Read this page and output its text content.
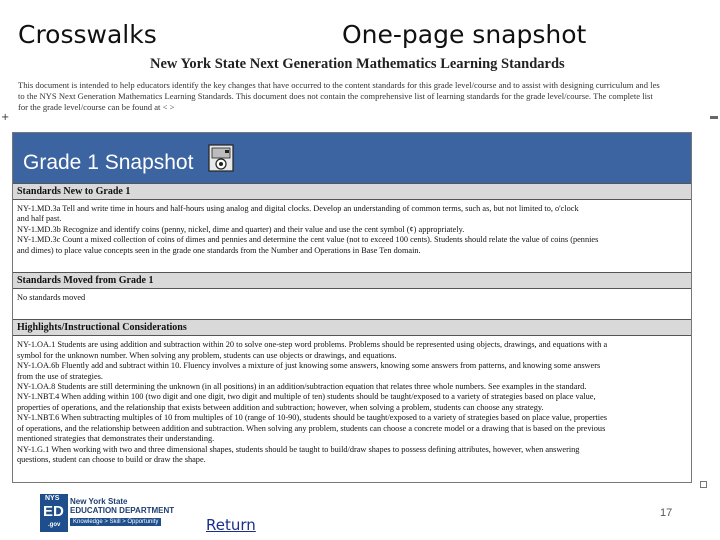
Crosswalks	One-page snapshot
New York State Next Generation Mathematics Learning Standards
This document is intended to help educators identify the key changes that have occurred to the content standards for this grade level/course and to assist with designing curriculum and les
to the NYS Next Generation Mathematics Learning Standards. This document does not contain the comprehensive list of learning standards for the grade level/course. The complete list
for the grade level/course can be found at < >
+
Grade 1 Snapshot
Standards New to Grade 1
NY-1.MD.3a Tell and write time in hours and half-hours using analog and digital clocks. Develop an understanding of common terms, such as, but not limited to, o'clock
and half past.
NY-1.MD.3b Recognize and identify coins (penny, nickel, dime and quarter) and their value and use the cent symbol (¢) appropriately.
NY-1.MD.3c Count a mixed collection of coins of dimes and pennies and determine the cent value (not to exceed 100 cents). Students should relate the value of coins (pennies
and dimes) to place value concepts seen in the grade one standards from the Number and Operations in Base Ten domain.
Standards Moved from Grade 1
No standards moved
Highlights/Instructional Considerations
NY-1.OA.1 Students are using addition and subtraction within 20 to solve one-step word problems. Problems should be represented using objects, drawings, and equations with a
symbol for the unknown number. When solving any problem, students can use objects or drawings, and equations.
NY-1.OA.6b Fluently add and subtract within 10. Fluency involves a mixture of just knowing some answers, knowing some answers from patterns, and knowing some answers
from the use of strategies.
NY-1.OA.8 Students are still determining the unknown (in all positions) in an addition/subtraction equation that relates three whole numbers. See examples in the standard.
NY-1.NBT.4 When adding within 100 (two digit and one digit, two digit and multiple of ten) students should be taught/exposed to a variety of strategies based on place value,
properties of operations, and the relationship that exists between addition and subtraction; however, when solving a problem, students can choose any strategy.
NY-1.NBT.6 When subtracting multiples of 10 from multiples of 10 (range of 10-90), students should be taught/exposed to a variety of strategies based on place value, properties
of operations, and the relationship between addition and subtraction. When solving any problem, students can choose a concrete model or a drawing that is based on the previous
mentioned strategies that demonstrates their understanding.
NY-1.G.1 When working with two and three dimensional shapes, students should be taught to build/draw shapes to possess defining attributes, however, when answering
questions, student can choose to build or draw the shape.
NYS
ED
.gov
New York State
EDUCATION DEPARTMENT
Knowledge > Skill > Opportunity	Return
17
